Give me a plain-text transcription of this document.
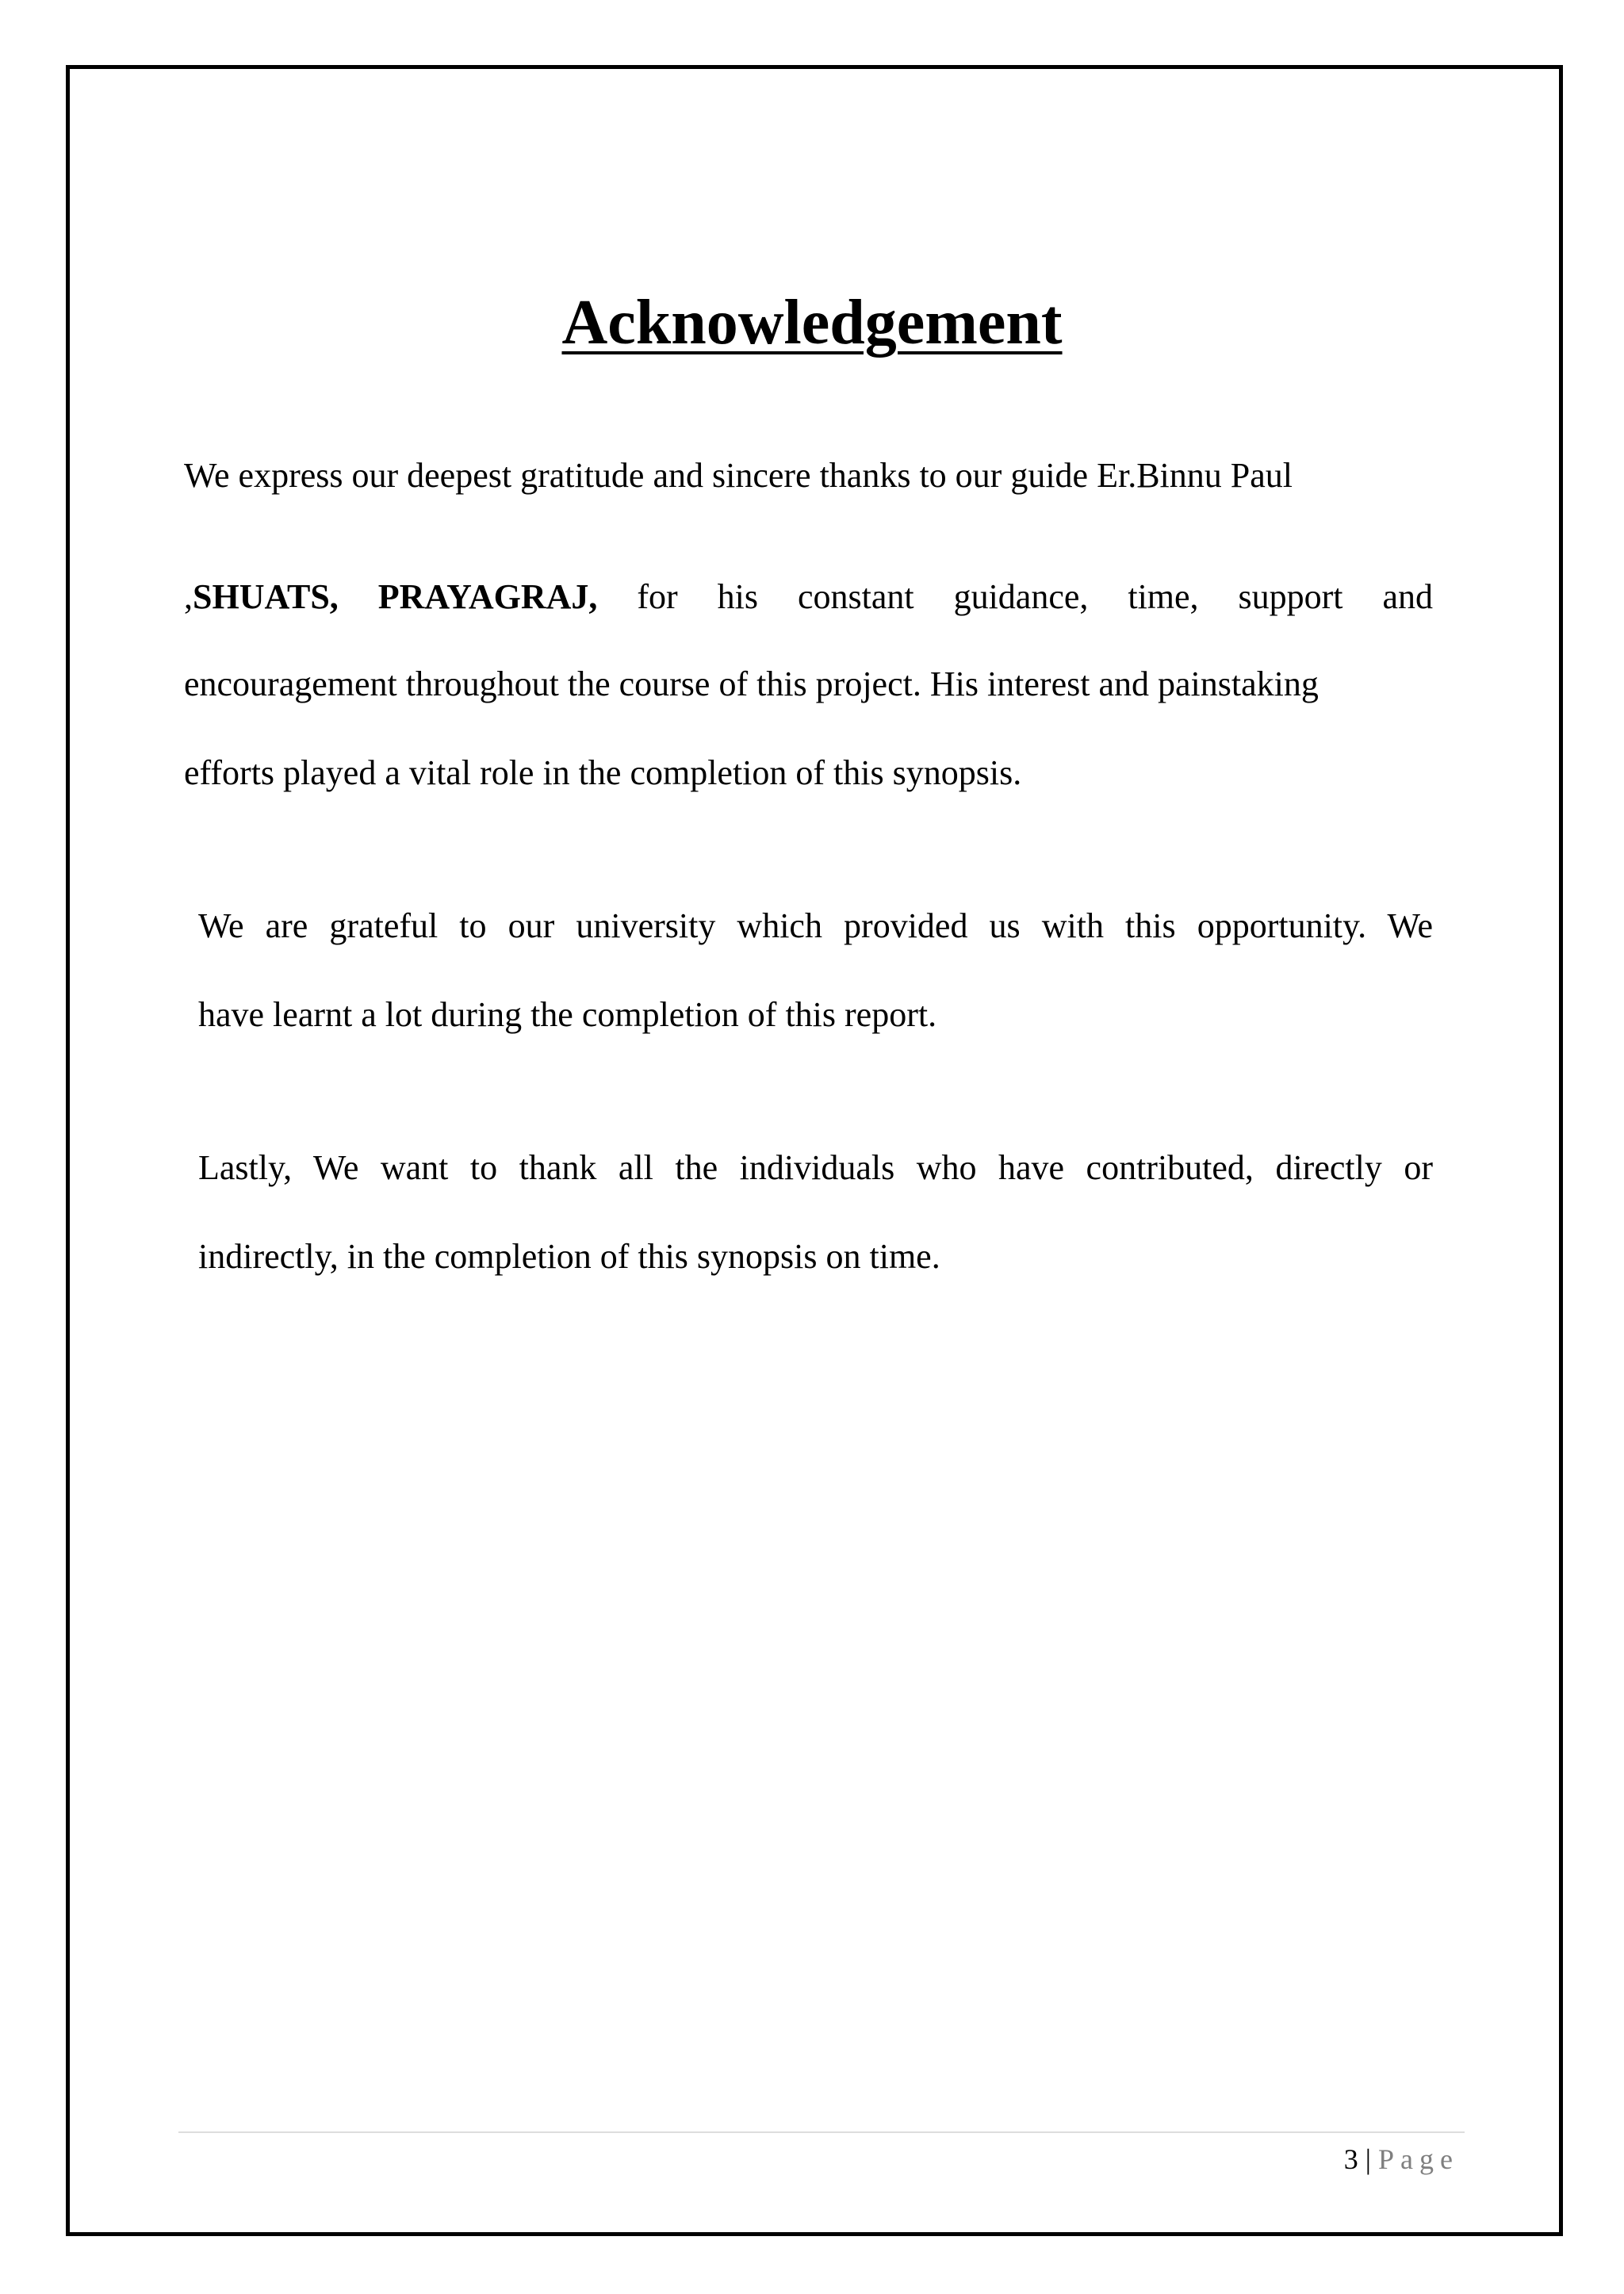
Acknowledgement
We express our deepest gratitude and sincere thanks to our guide Er.Binnu Paul
,SHUATS, PRAYAGRAJ, for his constant guidance, time, support and
encouragement throughout the course of this project. His interest and painstaking
efforts played a vital role in the completion of this synopsis.
We are grateful to our university which provided us with this opportunity. We
have learnt a lot during the completion of this report.
Lastly, We want to thank all the individuals who have contributed, directly or
indirectly, in the completion of this synopsis on time.
3 | Page
